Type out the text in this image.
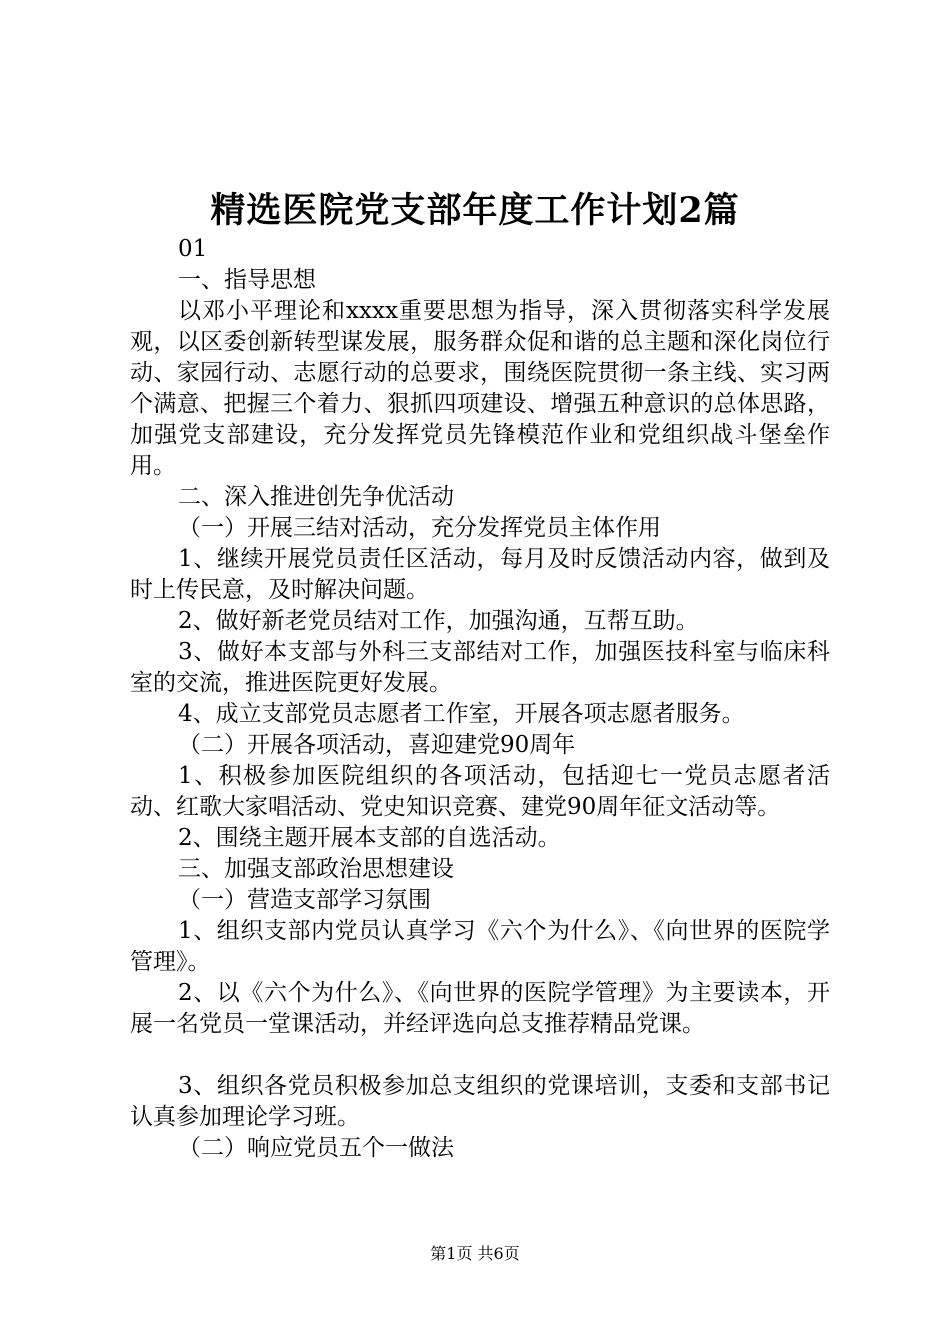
精选医院党支部年度工作计划2篇

01

一、指导思想

以邓小平理论和xxxx重要思想为指导，深入贯彻落实科学发展观，以区委创新转型谋发展，服务群众促和谐的总主题和深化岗位行动、家园行动、志愿行动的总要求，围绕医院贯彻一条主线、实习两个满意、把握三个着力、狠抓四项建设、增强五种意识的总体思路，加强党支部建设，充分发挥党员先锋模范作业和党组织战斗堡垒作用。

二、深入推进创先争优活动

（一）开展三结对活动，充分发挥党员主体作用

1、继续开展党员责任区活动，每月及时反馈活动内容，做到及时上传民意，及时解决问题。

2、做好新老党员结对工作，加强沟通，互帮互助。

3、做好本支部与外科三支部结对工作，加强医技科室与临床科室的交流，推进医院更好发展。

4、成立支部党员志愿者工作室，开展各项志愿者服务。

（二）开展各项活动，喜迎建党90周年

1、积极参加医院组织的各项活动，包括迎七一党员志愿者活动、红歌大家唱活动、党史知识竞赛、建党90周年征文活动等。

2、围绕主题开展本支部的自选活动。

三、加强支部政治思想建设

（一）营造支部学习氛围

1、组织支部内党员认真学习《六个为什么》、《向世界的医院学管理》。

2、以《六个为什么》、《向世界的医院学管理》为主要读本，开展一名党员一堂课活动，并经评选向总支推荐精品党课。

3、组织各党员积极参加总支组织的党课培训，支委和支部书记认真参加理论学习班。

（二）响应党员五个一做法

第1页 共6页
